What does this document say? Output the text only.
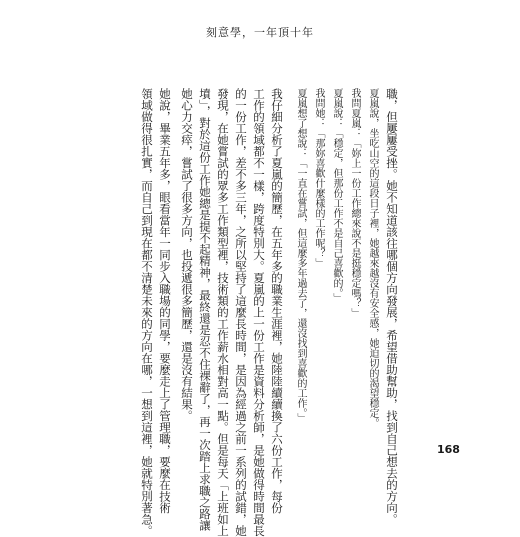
刻意學，一年頂十年
職，但屢屢受挫。她不知道該往哪個方向發展，希望借助幫助，找到自己想去的方向。
夏嵐說，坐吃山空的這段日子裡，她越來越沒有安全感，她迫切的渴望穩定。
我問夏嵐：「妳上一份工作總來說不是挺穩定嗎？」
夏嵐說：「穩定，但那份工作不是自己喜歡的。」
我問她：「那妳喜歡什麼樣的工作呢？」
夏嵐想了想說：「一直在嘗試，但這麼多年過去了，還沒找到喜歡的工作。」
我仔細分析了夏嵐的簡歷，在五年多的職業生涯裡，她陸陸續續換了六份工作，每份
工作的領域都不一樣，跨度特別大。夏嵐的上一份工作是資料分析師，是她做得時間最長
的一份工作，差不多三年，之所以堅持了這麼長時間，是因為經過之前一系列的試錯，她
發現，在她嘗試的眾多工作類型裡，技術類的工作薪水相對高一點。但是每天「上班如上
墳」，對於這份工作她總是提不起精神，最終還是忍不住裸辭了，再一次踏上求職之路讓
她心力交瘁，嘗試了很多方向，也投遞很多簡歷，還是沒有結果。
她說，畢業五年多，眼看當年一同步入職場的同學，要麼走上了管理職，要麼在技術
領域做得很扎實，而自己到現在都不清楚未來的方向在哪，一想到這裡，她就特別著急。	168
